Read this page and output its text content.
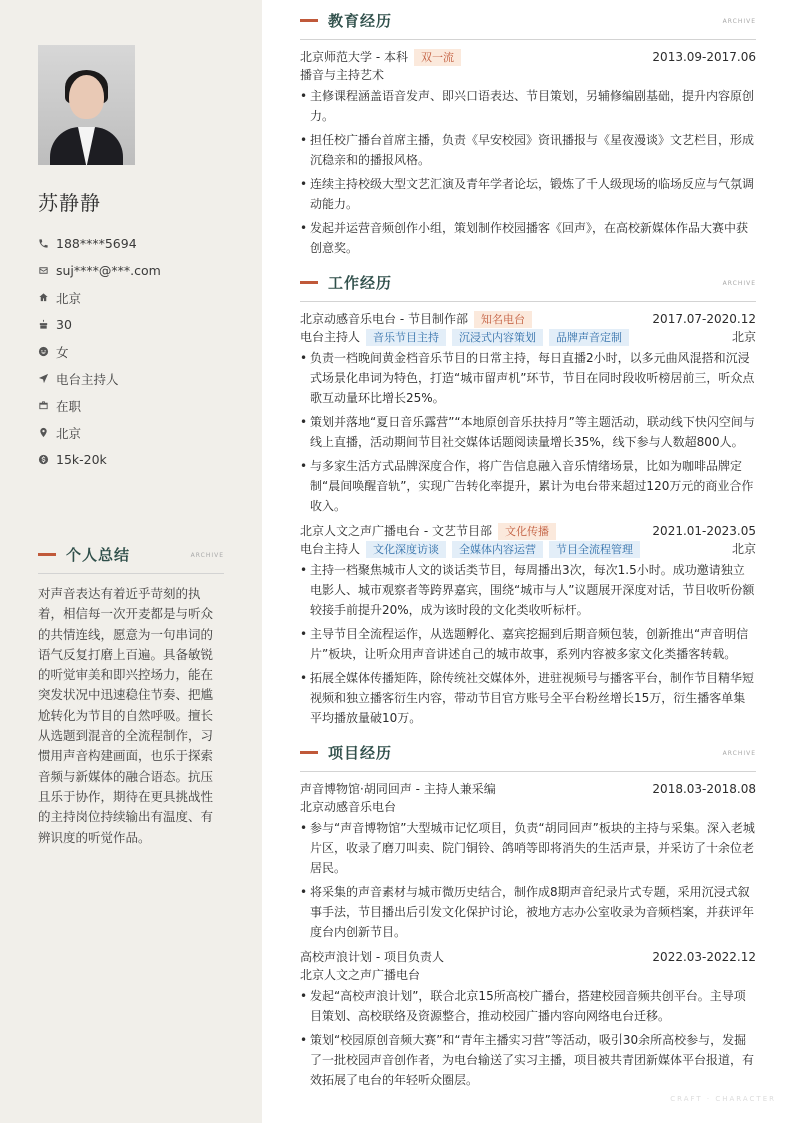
苏静静
188****5694
suj****@***.com
北京
30
女
电台主持人
在职
北京
15k-20k
个人总结	ARCHIVE
对声音表达有着近乎苛刻的执着，相信每一次开麦都是与听众的共情连线，愿意为一句串词的语气反复打磨上百遍。具备敏锐的听觉审美和即兴控场力，能在突发状况中迅速稳住节奏、把尴尬转化为节目的自然呼吸。擅长从选题到混音的全流程制作，习惯用声音构建画面，也乐于探索音频与新媒体的融合语态。抗压且乐于协作，期待在更具挑战性的主持岗位持续输出有温度、有辨识度的听觉作品。
教育经历	ARCHIVE
北京师范大学 - 本科	双一流	2013.09-2017.06
播音与主持艺术
• 主修课程涵盖语音发声、即兴口语表达、节目策划，另辅修编剧基础，提升内容原创力。
• 担任校广播台首席主播，负责《早安校园》资讯播报与《星夜漫谈》文艺栏目，形成沉稳亲和的播报风格。
• 连续主持校级大型文艺汇演及青年学者论坛，锻炼了千人级现场的临场反应与气氛调动能力。
• 发起并运营音频创作小组，策划制作校园播客《回声》，在高校新媒体作品大赛中获创意奖。
工作经历	ARCHIVE
北京动感音乐电台 - 节目制作部	知名电台	2017.07-2020.12
电台主持人	音乐节目主持	沉浸式内容策划	品牌声音定制	北京
• 负责一档晚间黄金档音乐节目的日常主持，每日直播2小时，以多元曲风混搭和沉浸式场景化串词为特色，打造“城市留声机”环节，节目在同时段收听榜居前三，听众点歌互动量环比增长25%。
• 策划并落地“夏日音乐露营”“本地原创音乐扶持月”等主题活动，联动线下快闪空间与线上直播，活动期间节目社交媒体话题阅读量增长35%，线下参与人数超800人。
• 与多家生活方式品牌深度合作，将广告信息融入音乐情绪场景，比如为咖啡品牌定制“晨间唤醒音轨”，实现广告转化率提升，累计为电台带来超过120万元的商业合作收入。
北京人文之声广播电台 - 文艺节目部	文化传播	2021.01-2023.05
电台主持人	文化深度访谈	全媒体内容运营	节目全流程管理	北京
• 主持一档聚焦城市人文的谈话类节目，每周播出3次，每次1.5小时。成功邀请独立电影人、城市观察者等跨界嘉宾，围绕“城市与人”议题展开深度对话，节目收听份额较接手前提升20%，成为该时段的文化类收听标杆。
• 主导节目全流程运作，从选题孵化、嘉宾挖掘到后期音频包装，创新推出“声音明信片”板块，让听众用声音讲述自己的城市故事，系列内容被多家文化类播客转载。
• 拓展全媒体传播矩阵，除传统社交媒体外，进驻视频号与播客平台，制作节目精华短视频和独立播客衍生内容，带动节目官方账号全平台粉丝增长15万，衍生播客单集平均播放量破10万。
项目经历	ARCHIVE
声音博物馆·胡同回声 - 主持人兼采编	2018.03-2018.08
北京动感音乐电台
• 参与“声音博物馆”大型城市记忆项目，负责“胡同回声”板块的主持与采集。深入老城片区，收录了磨刀叫卖、院门铜铃、鸽哨等即将消失的生活声景，并采访了十余位老居民。
• 将采集的声音素材与城市微历史结合，制作成8期声音纪录片式专题，采用沉浸式叙事手法，节目播出后引发文化保护讨论，被地方志办公室收录为音频档案，并获评年度台内创新节目。
高校声浪计划 - 项目负责人	2022.03-2022.12
北京人文之声广播电台
• 发起“高校声浪计划”，联合北京15所高校广播台，搭建校园音频共创平台。主导项目策划、高校联络及资源整合，推动校园广播内容向网络电台迁移。
• 策划“校园原创音频大赛”和“青年主播实习营”等活动，吸引30余所高校参与，发掘了一批校园声音创作者，为电台输送了实习主播，项目被共青团新媒体平台报道，有效拓展了电台的年轻听众圈层。
CRAFT · CHARACTER
